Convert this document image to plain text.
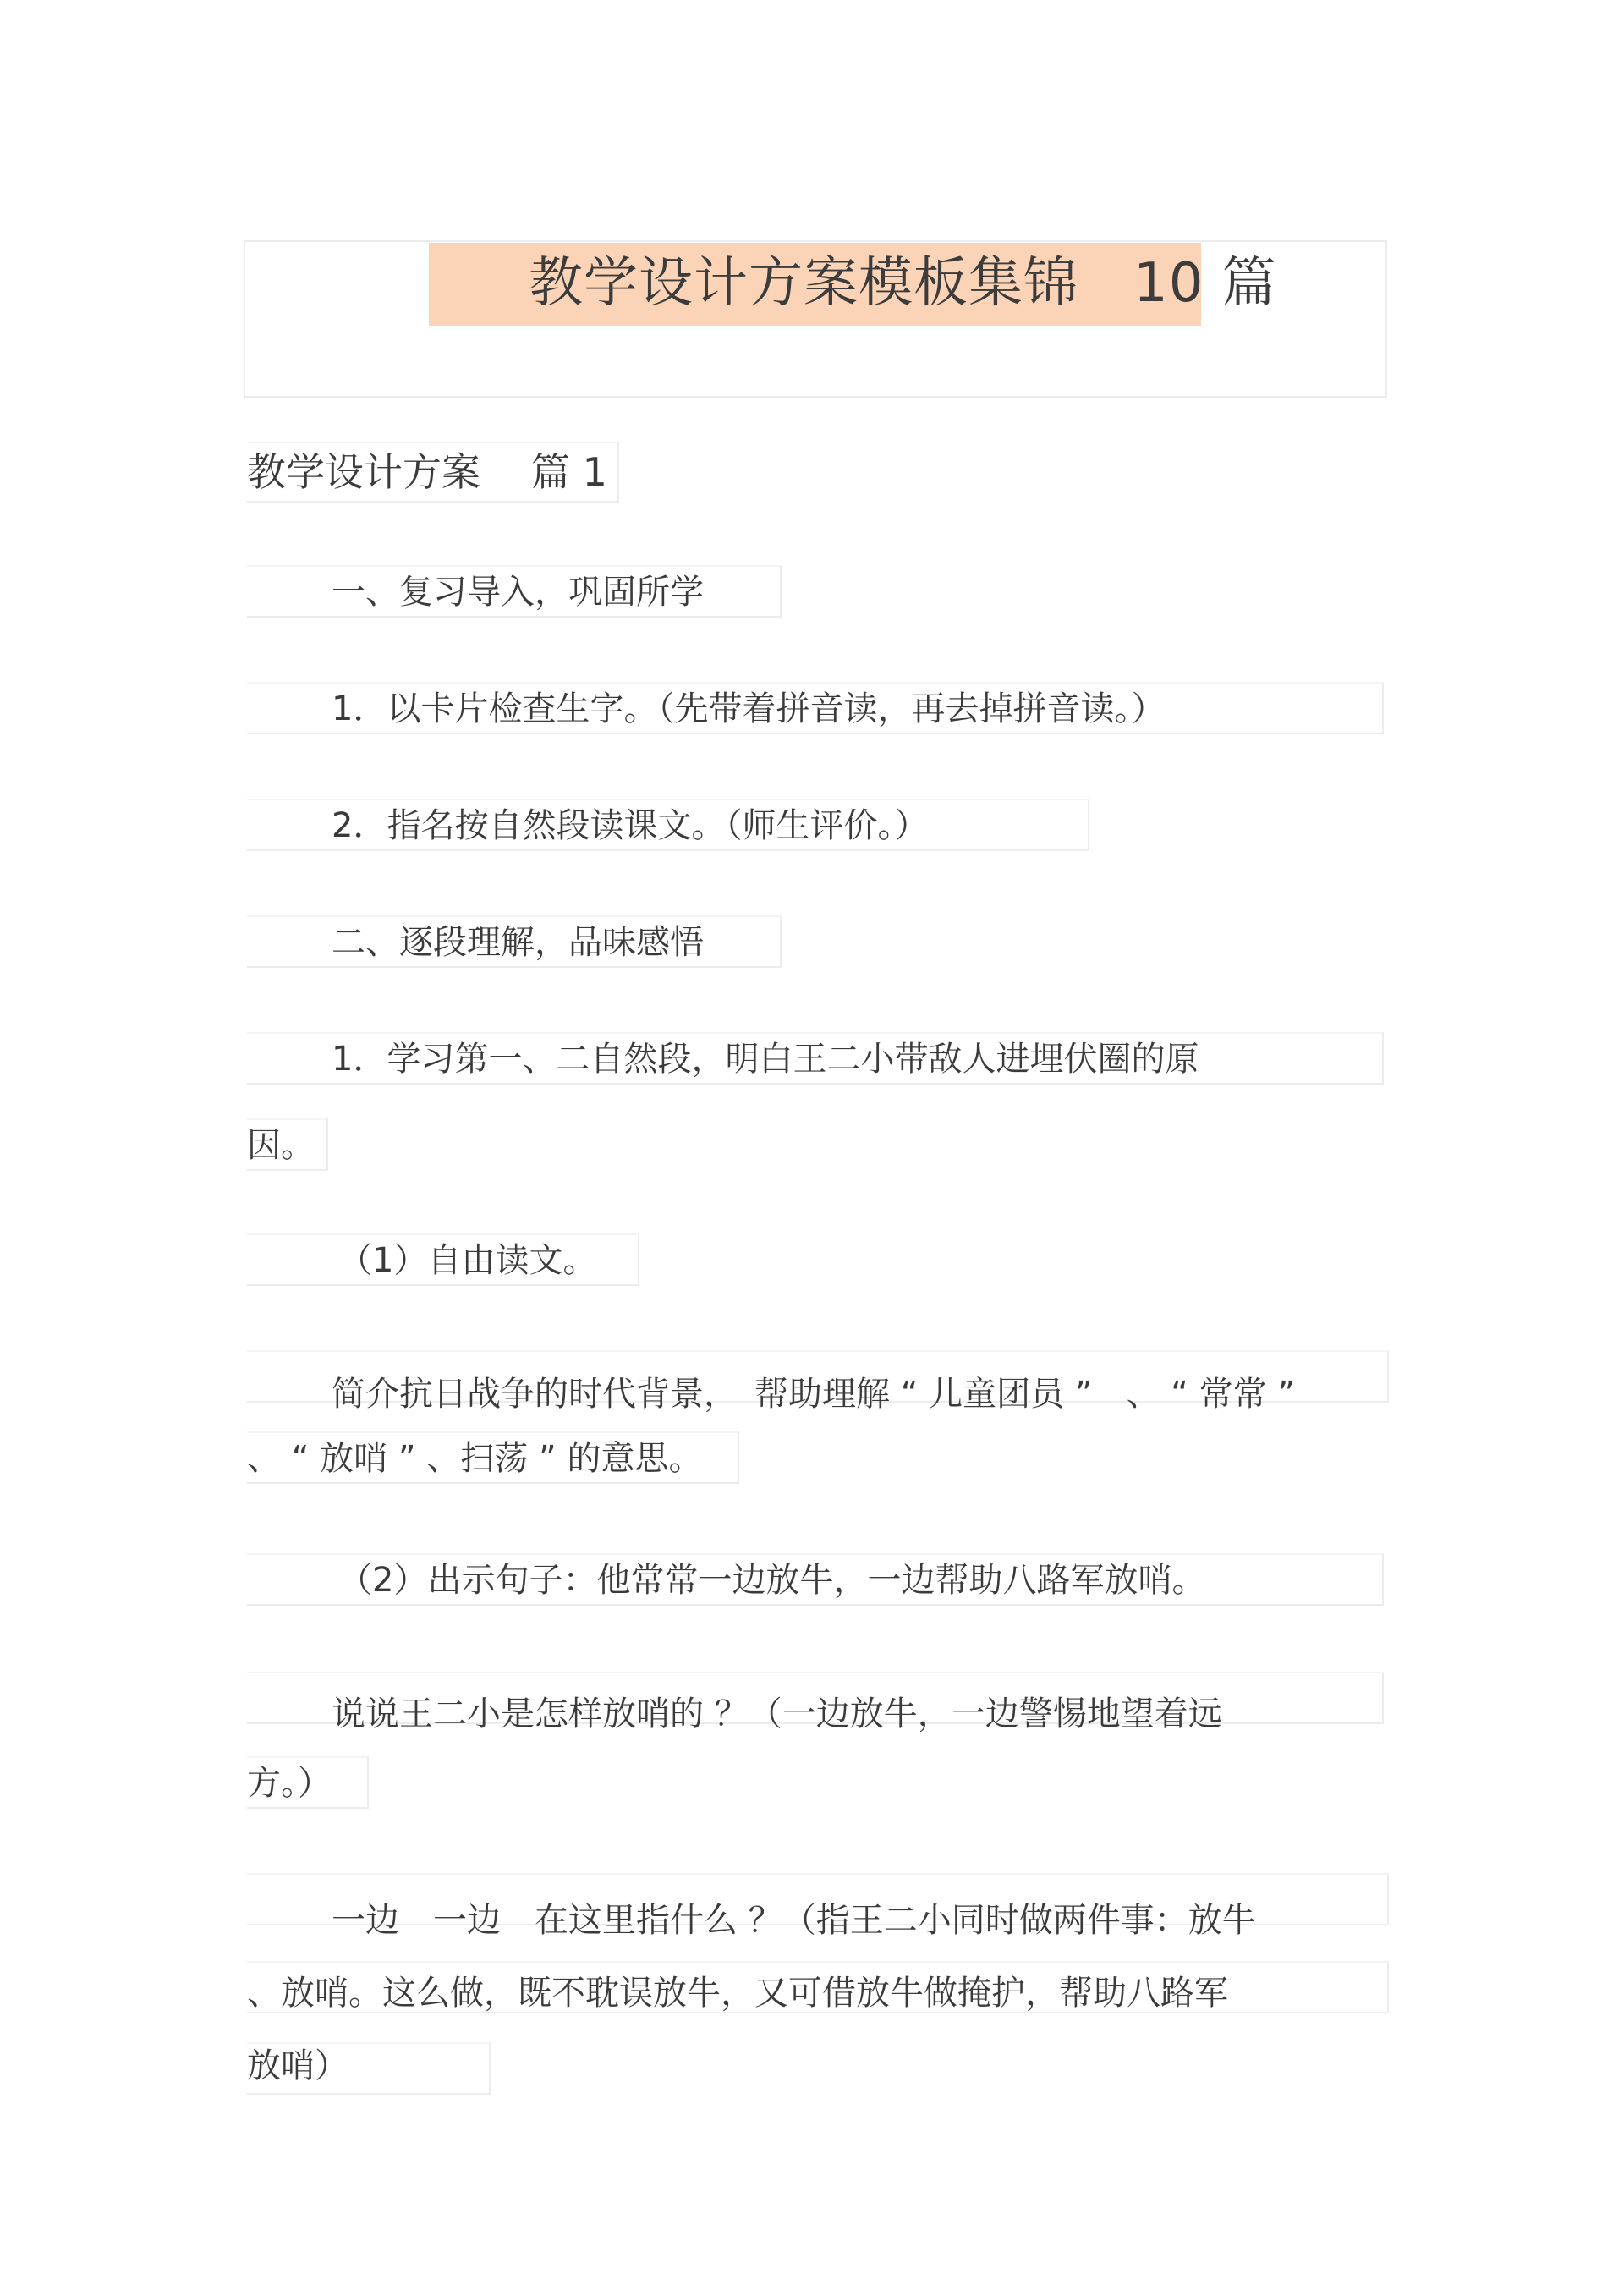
教学设计方案模板集锦　10 篇
教学设计方案 篇 1
一、复习导入，巩固所学
1．以卡片检查生字。（先带着拼音读，再去掉拼音读。）
2．指名按自然段读课文。（师生评价。）
二、逐段理解，品味感悟
1．学习第一、二自然段，明白王二小带敌人进埋伏圈的原
因。
（1）自由读文。
简介抗日战争的时代背景，　帮助理解 “ 儿童团员 ”　、 “ 常常 ”
、 “ 放哨 ” 、扫荡 ” 的意思。
（2）出示句子：他常常一边放牛，一边帮助八路军放哨。
说说王二小是怎样放哨的 ？（一边放牛，一边警惕地望着远
方。）
一边　一边　在这里指什么 ？（指王二小同时做两件事：放牛
、放哨。这么做，既不耽误放牛，又可借放牛做掩护，帮助八路军
放哨）
